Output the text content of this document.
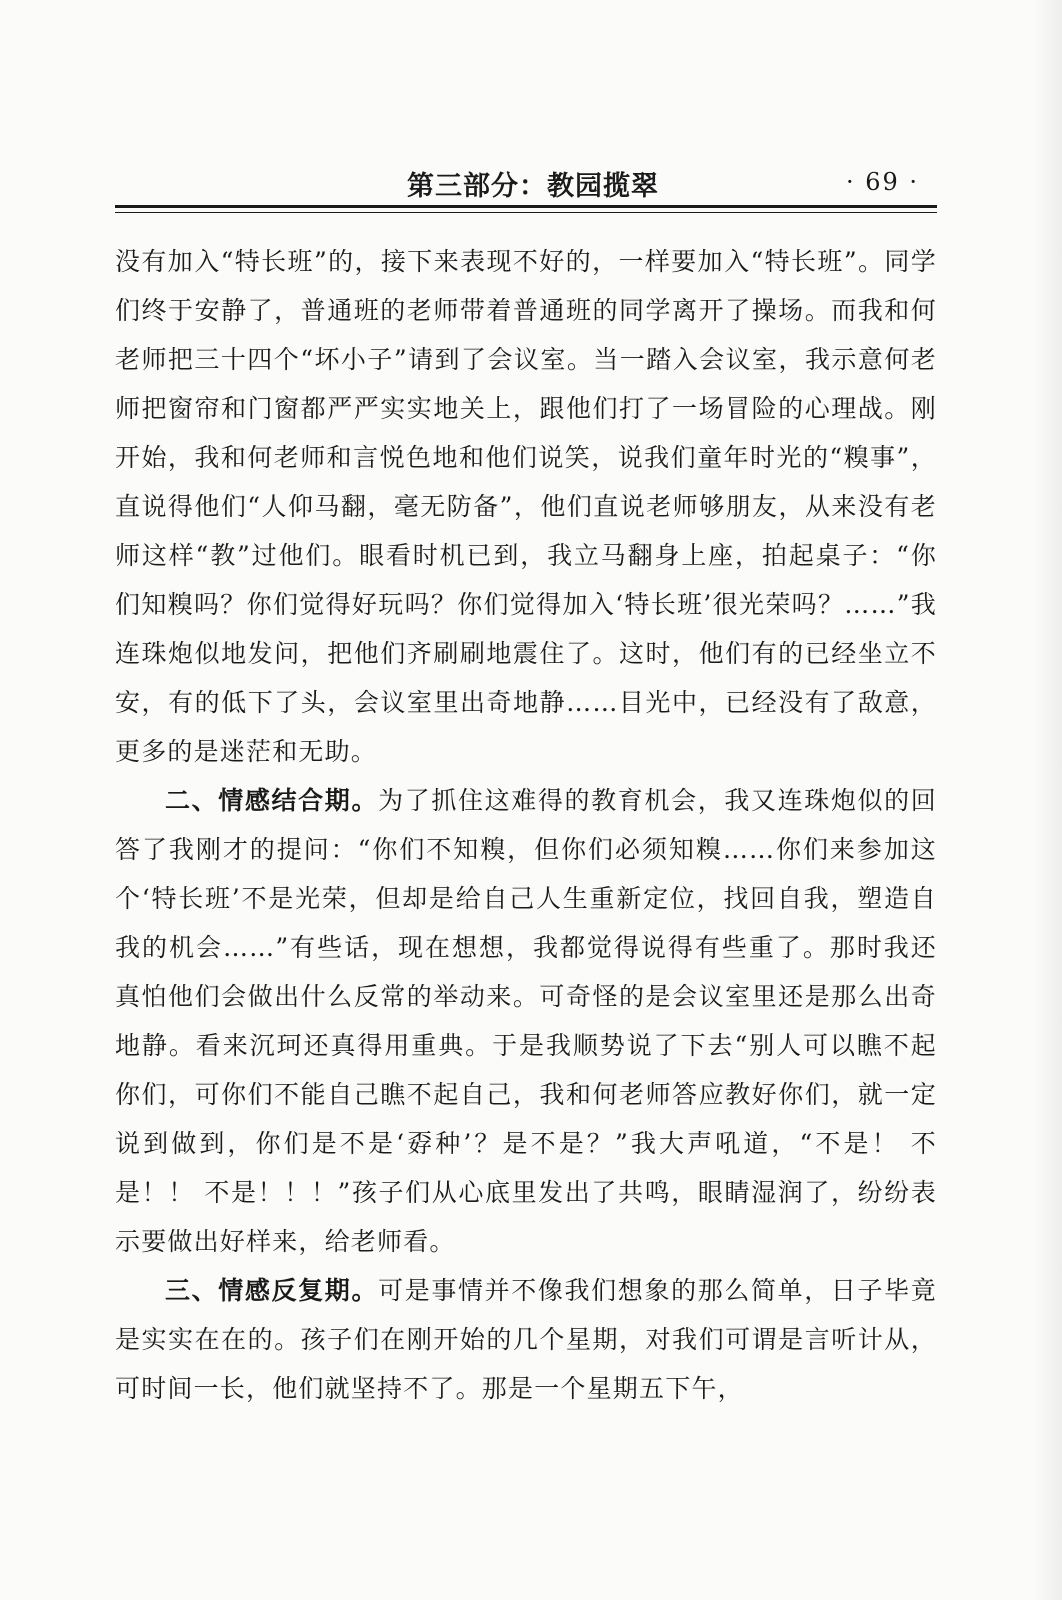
第三部分：教园揽翠	· 69 ·

没有加入“特长班”的，接下来表现不好的，一样要加入“特长班”。同学们终于安静了，普通班的老师带着普通班的同学离开了操场。而我和何老师把三十四个“坏小子”请到了会议室。当一踏入会议室，我示意何老师把窗帘和门窗都严严实实地关上，跟他们打了一场冒险的心理战。刚开始，我和何老师和言悦色地和他们说笑，说我们童年时光的“糗事”，直说得他们“人仰马翻，毫无防备”，他们直说老师够朋友，从来没有老师这样“教”过他们。眼看时机已到，我立马翻身上座，拍起桌子：“你们知糗吗？你们觉得好玩吗？你们觉得加入‘特长班’很光荣吗？……”我连珠炮似地发问，把他们齐刷刷地震住了。这时，他们有的已经坐立不安，有的低下了头，会议室里出奇地静……目光中，已经没有了敌意，更多的是迷茫和无助。

二、情感结合期。为了抓住这难得的教育机会，我又连珠炮似的回答了我刚才的提问：“你们不知糗，但你们必须知糗……你们来参加这个‘特长班’不是光荣，但却是给自己人生重新定位，找回自我，塑造自我的机会……”有些话，现在想想，我都觉得说得有些重了。那时我还真怕他们会做出什么反常的举动来。可奇怪的是会议室里还是那么出奇地静。看来沉珂还真得用重典。于是我顺势说了下去“别人可以瞧不起你们，可你们不能自己瞧不起自己，我和何老师答应教好你们，就一定说到做到，你们是不是‘孬种’？是不是？”我大声吼道，“不是！ 不是！！ 不是！！！”孩子们从心底里发出了共鸣，眼睛湿润了，纷纷表示要做出好样来，给老师看。

三、情感反复期。可是事情并不像我们想象的那么简单，日子毕竟是实实在在的。孩子们在刚开始的几个星期，对我们可谓是言听计从，可时间一长，他们就坚持不了。那是一个星期五下午，
